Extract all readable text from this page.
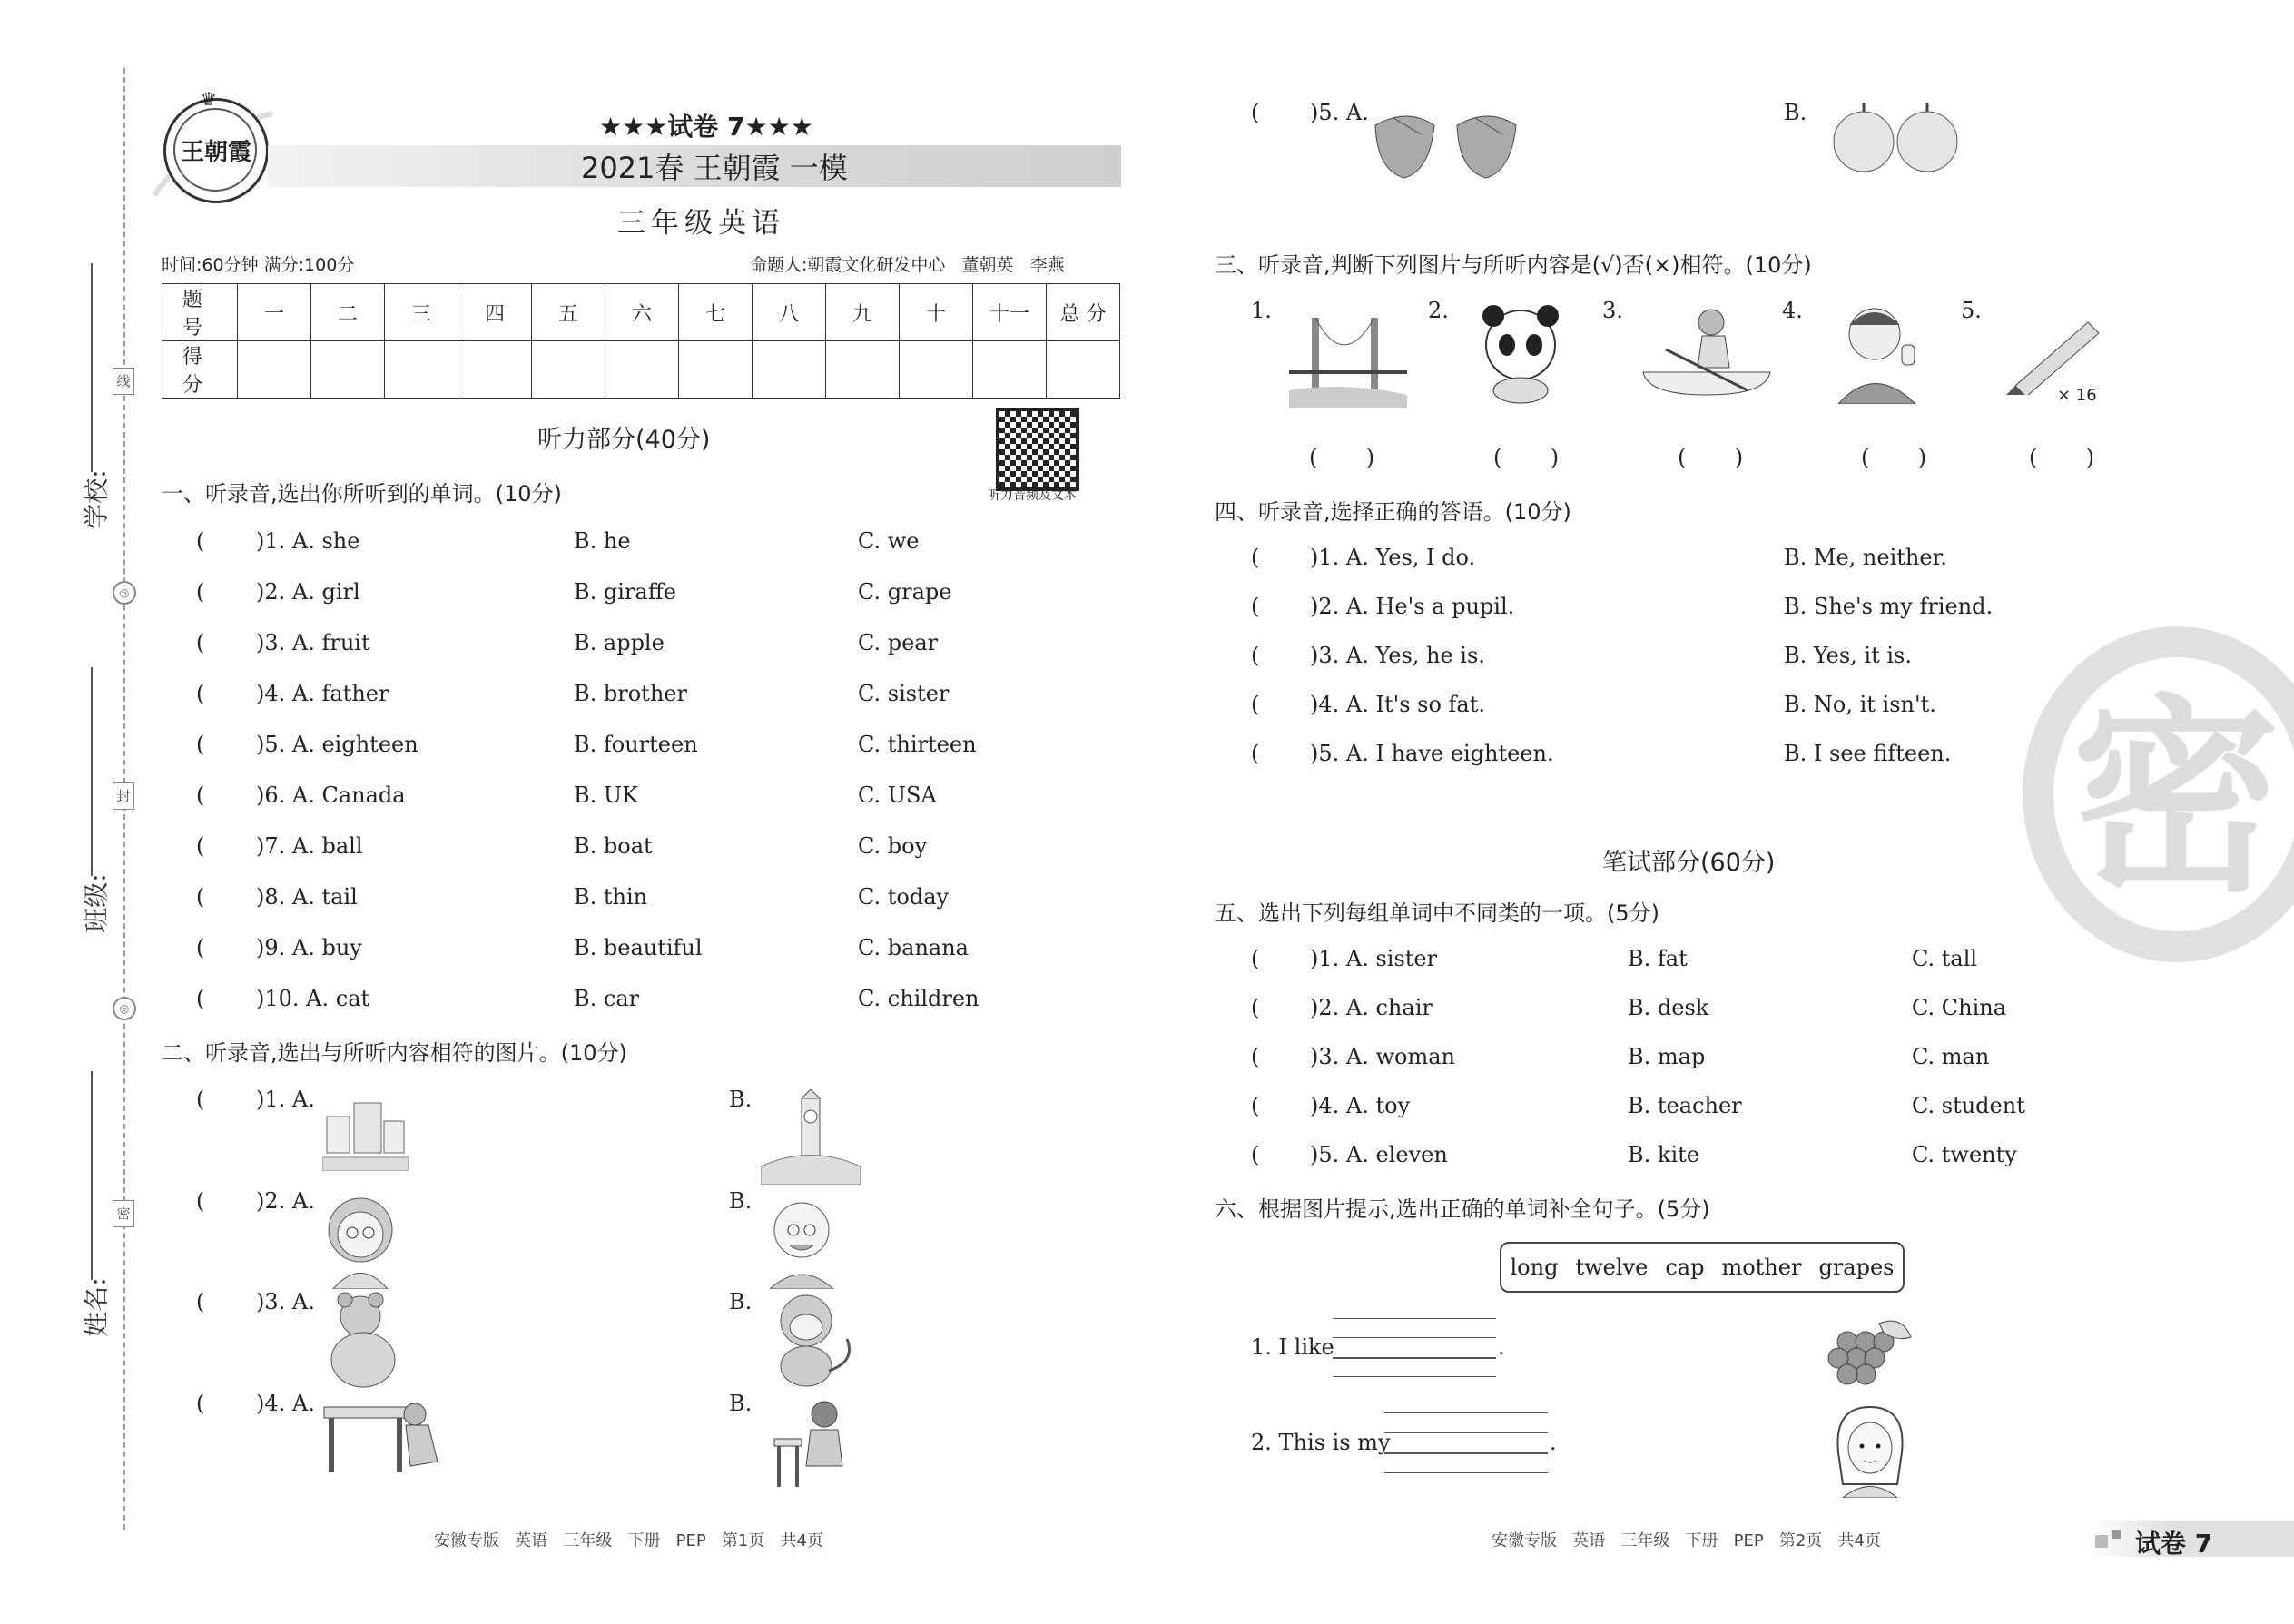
线
◎
封
◎
密
学校:
班级:
姓名:
王朝霞
♛
★★★试卷 7★★★
2021春 王朝霞 一模
三年级英语
时间:60分钟 满分:100分	命题人:朝霞文化研发中心   董朝英   李燕
题 号	一	二	三	四	五	六	七	八	九	十	十一	总 分
得 分												
听力部分(40分)
听力音频及文本
一、听录音,选出你所听到的单词。(10分)
( )1. A. she	B. he	C. we
( )2. A. girl	B. giraffe	C. grape
( )3. A. fruit	B. apple	C. pear
( )4. A. father	B. brother	C. sister
( )5. A. eighteen	B. fourteen	C. thirteen
( )6. A. Canada	B. UK	C. USA
( )7. A. ball	B. boat	C. boy
( )8. A. tail	B. thin	C. today
( )9. A. buy	B. beautiful	C. banana
( )10. A. cat	B. car	C. children
二、听录音,选出与所听内容相符的图片。(10分)
( )1. A.	B.
( )2. A.	B.
( )3. A.	B.
( )4. A.	B.
安徽专版   英语   三年级   下册   PEP   第1页   共4页
( )5. A.	B.
三、听录音,判断下列图片与所听内容是(√)否(×)相符。(10分)
1.	2.	3.	4.	5.
× 16
(       )	(       )	(       )	(       )	(       )
四、听录音,选择正确的答语。(10分)
( )1. A. Yes, I do.	B. Me, neither.
( )2. A. He's a pupil.	B. She's my friend.
( )3. A. Yes, he is.	B. Yes, it is.
( )4. A. It's so fat.	B. No, it isn't.
( )5. A. I have eighteen.	B. I see fifteen. 密
笔试部分(60分)
五、选出下列每组单词中不同类的一项。(5分)
( )1. A. sister	B. fat	C. tall
( )2. A. chair	B. desk	C. China
( )3. A. woman	B. map	C. man
( )4. A. toy	B. teacher	C. student
( )5. A. eleven	B. kite	C. twenty
六、根据图片提示,选出正确的单词补全句子。(5分)
long twelve cap mother grapes
1. I like	.
2. This is my	.
安徽专版   英语   三年级   下册   PEP   第2页   共4页	试卷 7
